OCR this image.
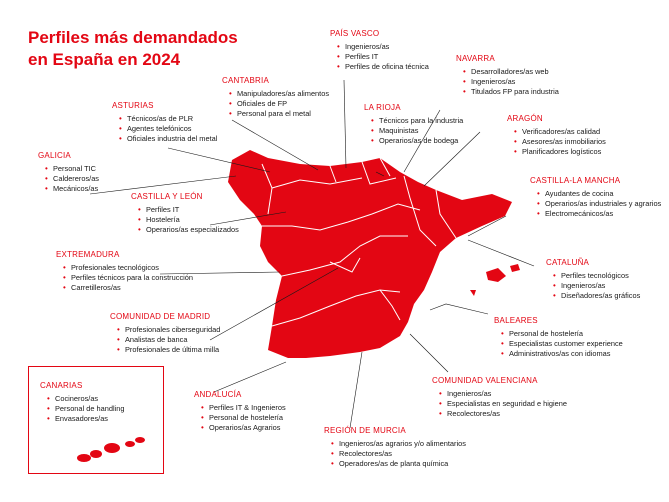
Perfiles más demandados
en España en 2024
PAÍS VASCO
• Ingenieros/as
• Perfiles IT
• Perfiles de oficina técnica
NAVARRA
• Desarrolladores/as web
• Ingenieros/as
• Titulados FP para industria
CANTABRIA
• Manipuladores/as alimentos
• Oficiales de FP
• Personal para el metal
ASTURIAS
• Técnicos/as de PLR
• Agentes telefónicos
• Oficiales industria del metal
LA RIOJA
• Técnicos para la industria
• Maquinistas
• Operarios/as de bodega
ARAGÓN
• Verificadores/as calidad
• Asesores/as inmobiliarios
• Planificadores logísticos
GALICIA
• Personal TIC
• Caldereros/as
• Mecánicos/as
CASTILLA Y LEÓN
• Perfiles IT
• Hostelería
• Operarios/as especializados
CASTILLA-LA MANCHA
• Ayudantes de cocina
• Operarios/as industriales y agrarios
• Electromecánicos/as
EXTREMADURA
• Profesionales tecnológicos
• Perfiles técnicos para la construcción
• Carretilleros/as
CATALUÑA
• Perfiles tecnológicos
• Ingenieros/as
• Diseñadores/as gráficos
COMUNIDAD DE MADRID
• Profesionales ciberseguridad
• Analistas de banca
• Profesionales de última milla
BALEARES
• Personal de hostelería
• Especialistas customer experience
• Administrativos/as con idiomas
CANARIAS
• Cocineros/as
• Personal de handling
• Envasadores/as
ANDALUCÍA
• Perfiles IT & Ingenieros
• Personal de hostelería
• Operarios/as Agrarios
COMUNIDAD VALENCIANA
• Ingenieros/as
• Especialistas en seguridad e higiene
• Recolectores/as
REGIÓN DE MURCIA
• Ingenieros/as agrarios y/o alimentarios
• Recolectores/as
• Operadores/as de planta química
